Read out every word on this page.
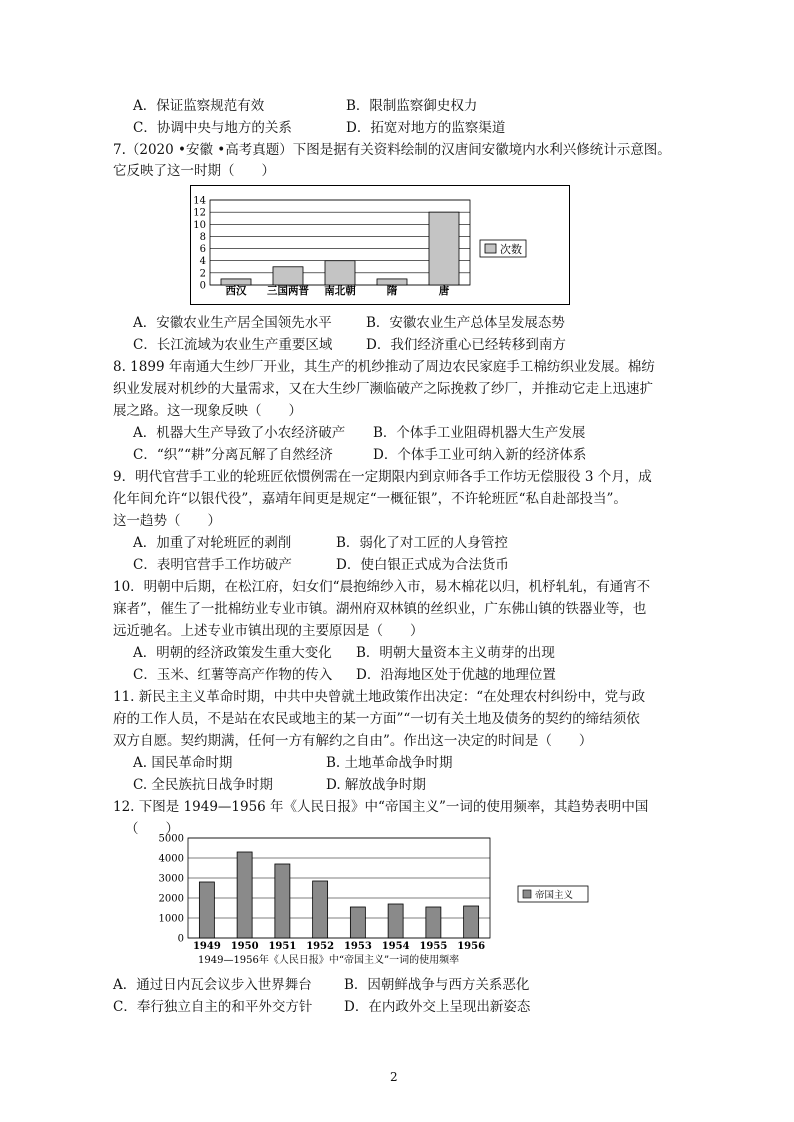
A．保证监察规范有效	B．限制监察御史权力
C．协调中央与地方的关系	D．拓宽对地方的监察渠道
7.（2020 •安徽 •高考真题）下图是据有关资料绘制的汉唐间安徽境内水利兴修统计示意图。
它反映了这一时期（　　）
0
2
4
6
8
10
12
14
西汉 三国两晋 南北朝	隋	唐
次数
A．安徽农业生产居全国领先水平	B．安徽农业生产总体呈发展态势
C．长江流域为农业生产重要区域 D．我们经济重心已经转移到南方
8. 1899 年南通大生纱厂开业，其生产的机纱推动了周边农民家庭手工棉纺织业发展。棉纺
织业发展对机纱的大量需求，又在大生纱厂濒临破产之际挽救了纱厂，并推动它走上迅速扩
展之路。这一现象反映（　　）
A．机器大生产导致了小农经济破产 B．个体手工业阻碍机器大生产发展
C．“织”“耕”分离瓦解了自然经济	D．个体手工业可纳入新的经济体系
9．明代官营手工业的轮班匠依惯例需在一定期限内到京师各手工作坊无偿服役 3 个月，成
化年间允许“以银代役”，嘉靖年间更是规定“一概征银”，不许轮班匠“私自赴部投当”。
这一趋势（　　）
A．加重了对轮班匠的剥削	B．弱化了对工匠的人身管控
C．表明官营手工作坊破产	D．使白银正式成为合法货币
10．明朝中后期，在松江府，妇女们“晨抱绵纱入市，易木棉花以归，机杼轧轧，有通宵不
寐者”，催生了一批棉纺业专业市镇。湖州府双林镇的丝织业，广东佛山镇的铁器业等，也
远近驰名。上述专业市镇出现的主要原因是（　　）
A．明朝的经济政策发生重大变化 B．明朝大量资本主义萌芽的出现
C．玉米、红薯等高产作物的传入 D．沿海地区处于优越的地理位置
11. 新民主主义革命时期，中共中央曾就土地政策作出决定：“在处理农村纠纷中，党与政
府的工作人员，不是站在农民或地主的某一方面”“一切有关土地及债务的契约的缔结须依
双方自愿。契约期满，任何一方有解约之自由”。作出这一决定的时间是（　　）
A. 国民革命时期	B. 土地革命战争时期
C. 全民族抗日战争时期	D. 解放战争时期
12. 下图是 1949—1956 年《人民日报》中“帝国主义”一词的使用频率，其趋势表明中国
（　　）
0
1000
2000
3000
4000
5000
1949 1950 1951 1952 1953 1954 1955 1956
帝国主义
1949—1956年《人民日报》中“帝国主义”一词的使用频率
A．通过日内瓦会议步入世界舞台 B．因朝鲜战争与西方关系恶化
C．奉行独立自主的和平外交方针 D．在内政外交上呈现出新姿态
2
